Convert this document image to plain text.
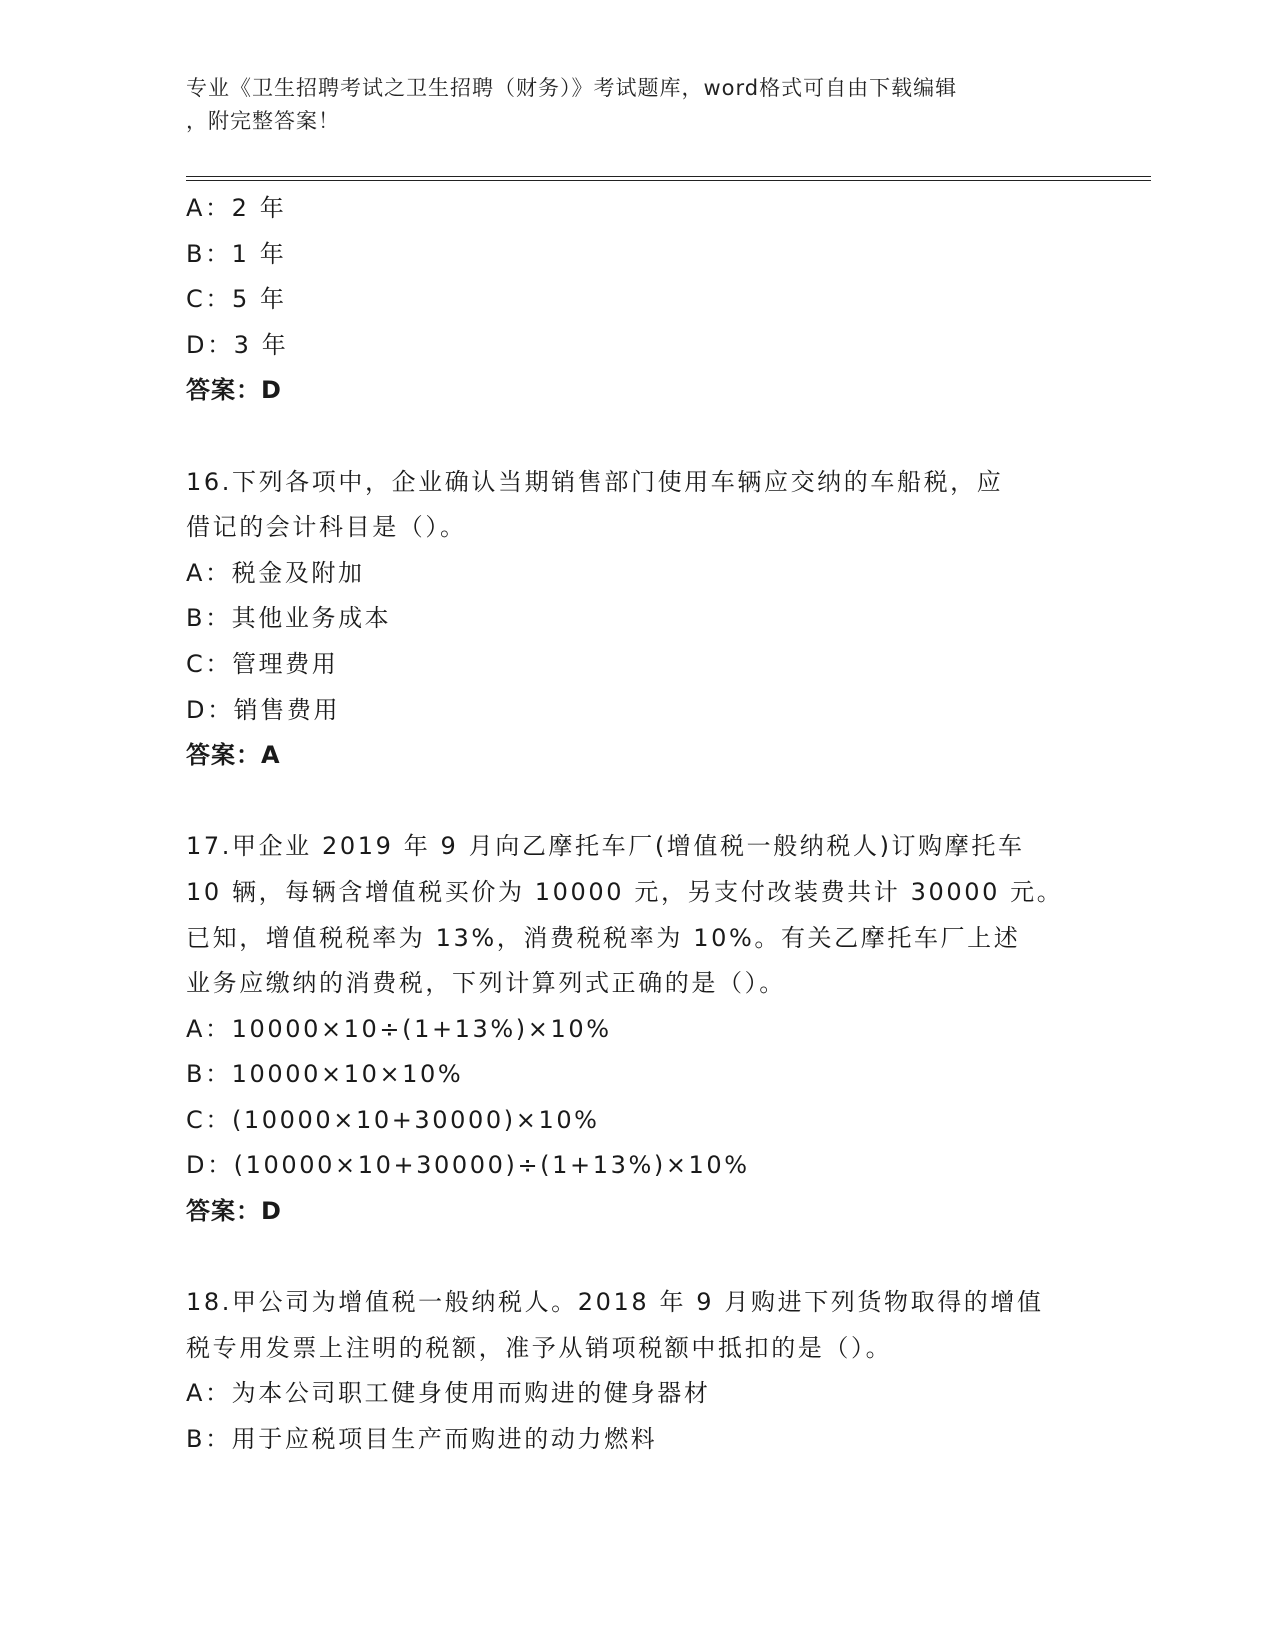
专业《卫生招聘考试之卫生招聘（财务）》考试题库，word格式可自由下载编辑
，附完整答案！
A：2 年
B：1 年
C：5 年
D：3 年
答案：D
16.下列各项中，企业确认当期销售部门使用车辆应交纳的车船税，应
借记的会计科目是（）。
A：税金及附加
B：其他业务成本
C：管理费用
D：销售费用
答案：A
17.甲企业 2019 年 9 月向乙摩托车厂(增值税一般纳税人)订购摩托车
10 辆，每辆含增值税买价为 10000 元，另支付改装费共计 30000 元。
已知，增值税税率为 13%，消费税税率为 10%。有关乙摩托车厂上述
业务应缴纳的消费税，下列计算列式正确的是（）。
A：10000×10÷(1+13%)×10%
B：10000×10×10%
C：(10000×10+30000)×10%
D：(10000×10+30000)÷(1+13%)×10%
答案：D
18.甲公司为增值税一般纳税人。2018 年 9 月购进下列货物取得的增值
税专用发票上注明的税额，准予从销项税额中抵扣的是（）。
A：为本公司职工健身使用而购进的健身器材
B：用于应税项目生产而购进的动力燃料
